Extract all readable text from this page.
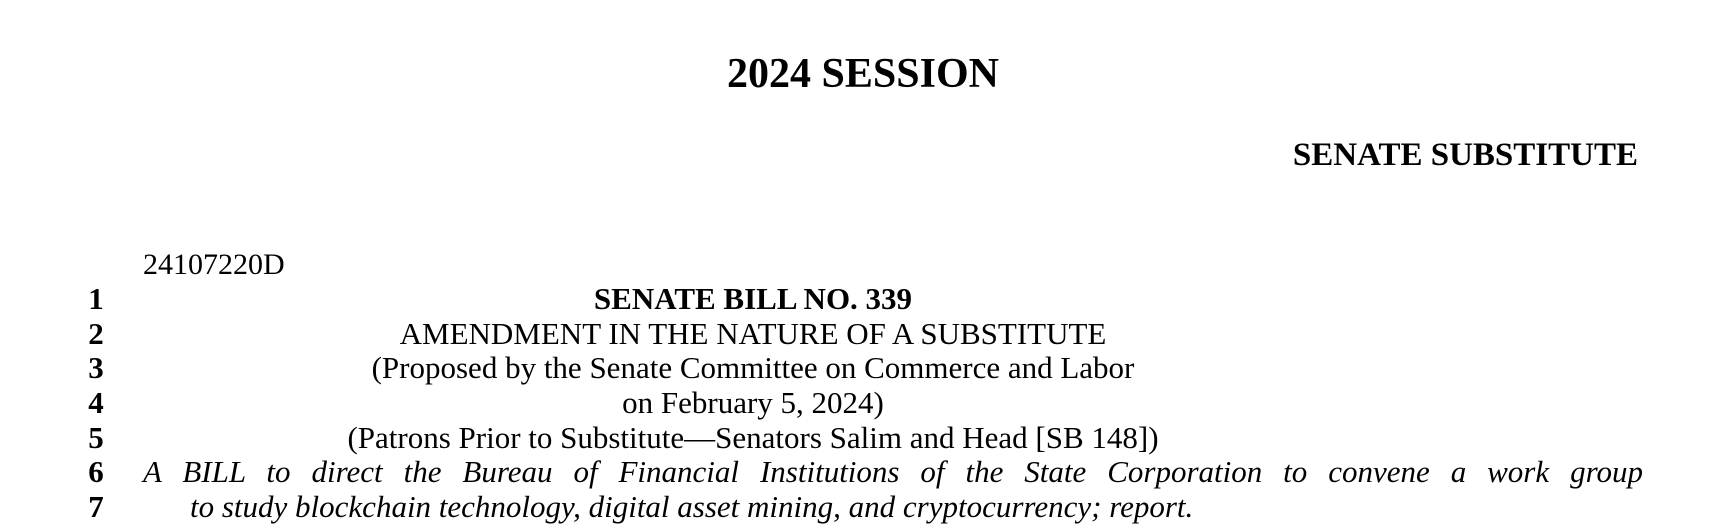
2024 SESSION
SENATE SUBSTITUTE
24107220D
1
2
3
4
5
6
7
SENATE BILL NO. 339
AMENDMENT IN THE NATURE OF A SUBSTITUTE
(Proposed by the Senate Committee on Commerce and Labor
on February 5, 2024)
(Patrons Prior to Substitute—Senators Salim and Head [SB 148])
A BILL to direct the Bureau of Financial Institutions of the State Corporation to convene a work group
to study blockchain technology, digital asset mining, and cryptocurrency; report.
